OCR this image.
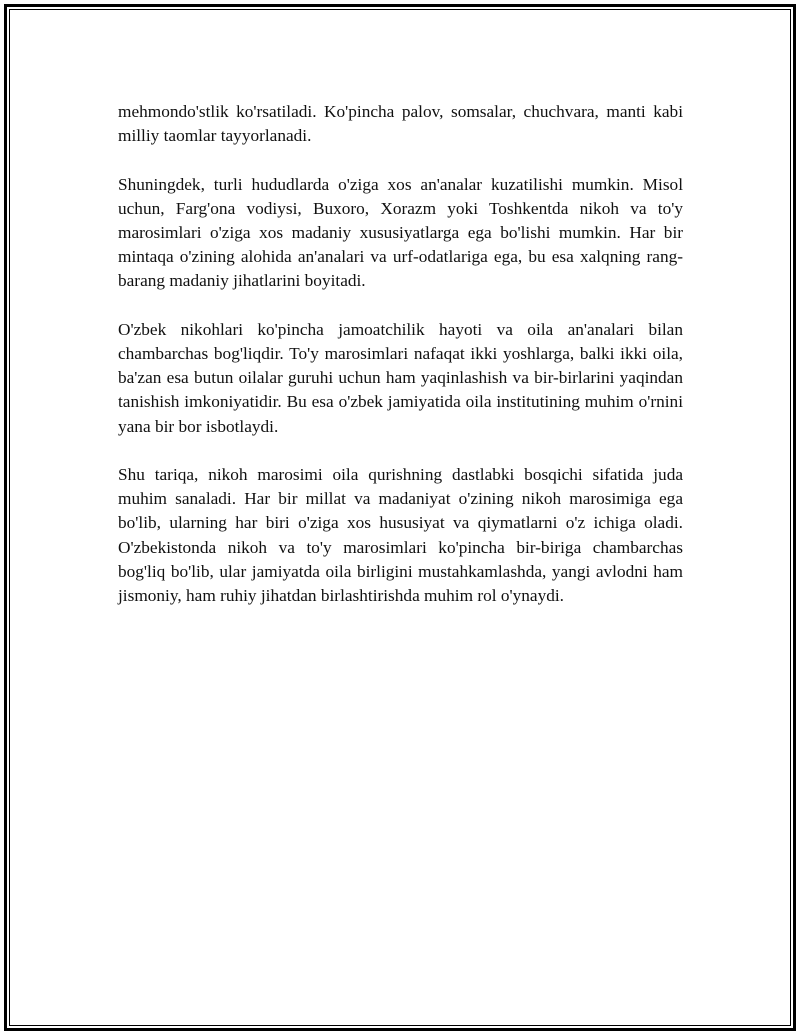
mehmondo'stlik ko'rsatiladi. Ko'pincha palov, somsalar, chuchvara, manti kabi milliy taomlar tayyorlanadi.

Shuningdek, turli hududlarda o'ziga xos an'analar kuzatilishi mumkin. Misol uchun, Farg'ona vodiysi, Buxoro, Xorazm yoki Toshkentda nikoh va to'y marosimlari o'ziga xos madaniy xususiyatlarga ega bo'lishi mumkin. Har bir mintaqa o'zining alohida an'analari va urf-odatlariga ega, bu esa xalqning rang-barang madaniy jihatlarini boyitadi.

O'zbek nikohlari ko'pincha jamoatchilik hayoti va oila an'analari bilan chambarchas bog'liqdir. To'y marosimlari nafaqat ikki yoshlarga, balki ikki oila, ba'zan esa butun oilalar guruhi uchun ham yaqinlashish va bir-birlarini yaqindan tanishish imkoniyatidir. Bu esa o'zbek jamiyatida oila institutining muhim o'rnini yana bir bor isbotlaydi.

Shu tariqa, nikoh marosimi oila qurishning dastlabki bosqichi sifatida juda muhim sanaladi. Har bir millat va madaniyat o'zining nikoh marosimiga ega bo'lib, ularning har biri o'ziga xos hususiyat va qiymatlarni o'z ichiga oladi. O'zbekistonda nikoh va to'y marosimlari ko'pincha bir-biriga chambarchas bog'liq bo'lib, ular jamiyatda oila birligini mustahkamlashda, yangi avlodni ham jismoniy, ham ruhiy jihatdan birlashtirishda muhim rol o'ynaydi.
